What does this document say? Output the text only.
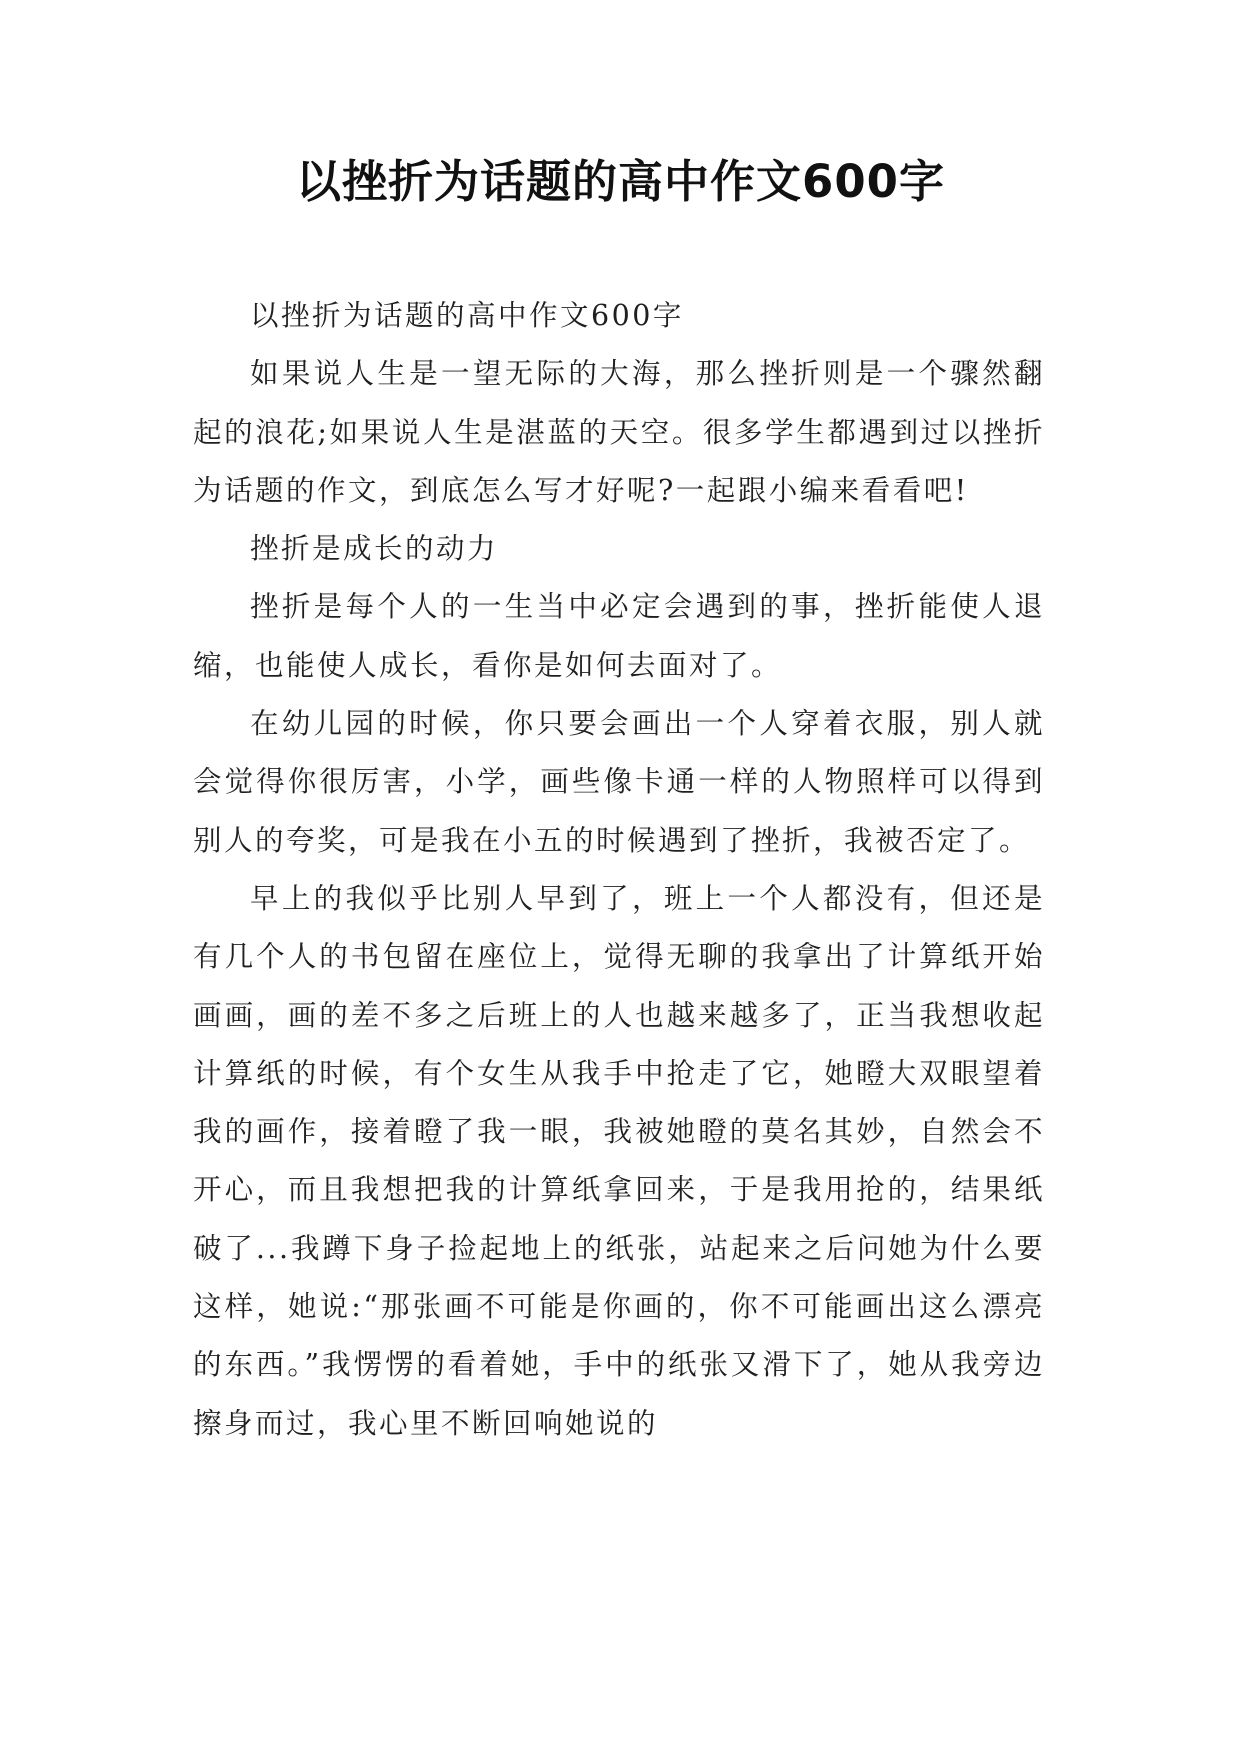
以挫折为话题的高中作文600字

以挫折为话题的高中作文600字

如果说人生是一望无际的大海，那么挫折则是一个骤然翻起的浪花;如果说人生是湛蓝的天空。很多学生都遇到过以挫折为话题的作文，到底怎么写才好呢?一起跟小编来看看吧!

挫折是成长的动力

挫折是每个人的一生当中必定会遇到的事，挫折能使人退缩，也能使人成长，看你是如何去面对了。

在幼儿园的时候，你只要会画出一个人穿着衣服，别人就会觉得你很厉害，小学，画些像卡通一样的人物照样可以得到别人的夸奖，可是我在小五的时候遇到了挫折，我被否定了。

早上的我似乎比别人早到了，班上一个人都没有，但还是有几个人的书包留在座位上，觉得无聊的我拿出了计算纸开始画画，画的差不多之后班上的人也越来越多了，正当我想收起计算纸的时候，有个女生从我手中抢走了它，她瞪大双眼望着我的画作，接着瞪了我一眼，我被她瞪的莫名其妙，自然会不开心，而且我想把我的计算纸拿回来，于是我用抢的，结果纸破了...我蹲下身子捡起地上的纸张，站起来之后问她为什么要这样，她说:“那张画不可能是你画的，你不可能画出这么漂亮的东西。”我愣愣的看着她，手中的纸张又滑下了，她从我旁边擦身而过，我心里不断回响她说的
